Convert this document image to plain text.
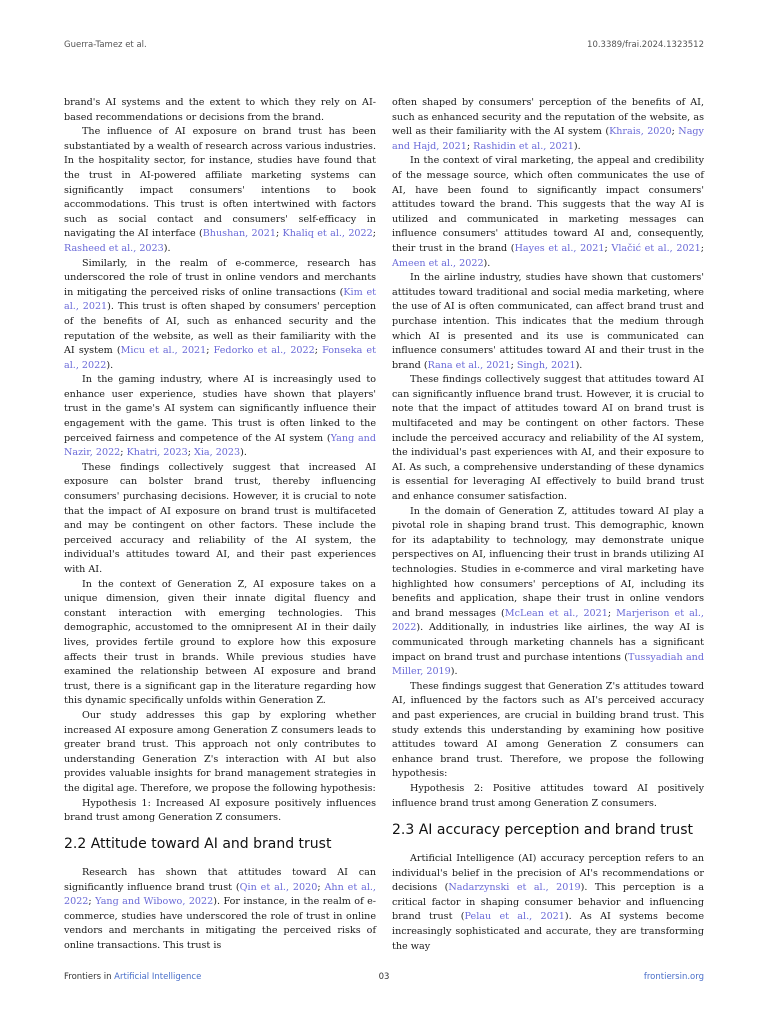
Guerra-Tamez et al.	10.3389/frai.2024.1323512

brand's AI systems and the extent to which they rely on AI-based recommendations or decisions from the brand.

The influence of AI exposure on brand trust has been substantiated by a wealth of research across various industries. In the hospitality sector, for instance, studies have found that the trust in AI-powered affiliate marketing systems can significantly impact consumers' intentions to book accommodations. This trust is often intertwined with factors such as social contact and consumers' self-efficacy in navigating the AI interface (Bhushan, 2021; Khaliq et al., 2022; Rasheed et al., 2023).

Similarly, in the realm of e-commerce, research has underscored the role of trust in online vendors and merchants in mitigating the perceived risks of online transactions (Kim et al., 2021). This trust is often shaped by consumers' perception of the benefits of AI, such as enhanced security and the reputation of the website, as well as their familiarity with the AI system (Micu et al., 2021; Fedorko et al., 2022; Fonseka et al., 2022).

In the gaming industry, where AI is increasingly used to enhance user experience, studies have shown that players' trust in the game's AI system can significantly influence their engagement with the game. This trust is often linked to the perceived fairness and competence of the AI system (Yang and Nazir, 2022; Khatri, 2023; Xia, 2023).

These findings collectively suggest that increased AI exposure can bolster brand trust, thereby influencing consumers' purchasing decisions. However, it is crucial to note that the impact of AI exposure on brand trust is multifaceted and may be contingent on other factors. These include the perceived accuracy and reliability of the AI system, the individual's attitudes toward AI, and their past experiences with AI.

In the context of Generation Z, AI exposure takes on a unique dimension, given their innate digital fluency and constant interaction with emerging technologies. This demographic, accustomed to the omnipresent AI in their daily lives, provides fertile ground to explore how this exposure affects their trust in brands. While previous studies have examined the relationship between AI exposure and brand trust, there is a significant gap in the literature regarding how this dynamic specifically unfolds within Generation Z.

Our study addresses this gap by exploring whether increased AI exposure among Generation Z consumers leads to greater brand trust. This approach not only contributes to understanding Generation Z's interaction with AI but also provides valuable insights for brand management strategies in the digital age. Therefore, we propose the following hypothesis:

Hypothesis 1: Increased AI exposure positively influences brand trust among Generation Z consumers.

2.2 Attitude toward AI and brand trust

Research has shown that attitudes toward AI can significantly influence brand trust (Qin et al., 2020; Ahn et al., 2022; Yang and Wibowo, 2022). For instance, in the realm of e-commerce, studies have underscored the role of trust in online vendors and merchants in mitigating the perceived risks of online transactions. This trust is

often shaped by consumers' perception of the benefits of AI, such as enhanced security and the reputation of the website, as well as their familiarity with the AI system (Khrais, 2020; Nagy and Hajd, 2021; Rashidin et al., 2021).

In the context of viral marketing, the appeal and credibility of the message source, which often communicates the use of AI, have been found to significantly impact consumers' attitudes toward the brand. This suggests that the way AI is utilized and communicated in marketing messages can influence consumers' attitudes toward AI and, consequently, their trust in the brand (Hayes et al., 2021; Vlačić et al., 2021; Ameen et al., 2022).

In the airline industry, studies have shown that customers' attitudes toward traditional and social media marketing, where the use of AI is often communicated, can affect brand trust and purchase intention. This indicates that the medium through which AI is presented and its use is communicated can influence consumers' attitudes toward AI and their trust in the brand (Rana et al., 2021; Singh, 2021).

These findings collectively suggest that attitudes toward AI can significantly influence brand trust. However, it is crucial to note that the impact of attitudes toward AI on brand trust is multifaceted and may be contingent on other factors. These include the perceived accuracy and reliability of the AI system, the individual's past experiences with AI, and their exposure to AI. As such, a comprehensive understanding of these dynamics is essential for leveraging AI effectively to build brand trust and enhance consumer satisfaction.

In the domain of Generation Z, attitudes toward AI play a pivotal role in shaping brand trust. This demographic, known for its adaptability to technology, may demonstrate unique perspectives on AI, influencing their trust in brands utilizing AI technologies. Studies in e-commerce and viral marketing have highlighted how consumers' perceptions of AI, including its benefits and application, shape their trust in online vendors and brand messages (McLean et al., 2021; Marjerison et al., 2022). Additionally, in industries like airlines, the way AI is communicated through marketing channels has a significant impact on brand trust and purchase intentions (Tussyadiah and Miller, 2019).

These findings suggest that Generation Z's attitudes toward AI, influenced by the factors such as AI's perceived accuracy and past experiences, are crucial in building brand trust. This study extends this understanding by examining how positive attitudes toward AI among Generation Z consumers can enhance brand trust. Therefore, we propose the following hypothesis:

Hypothesis 2: Positive attitudes toward AI positively influence brand trust among Generation Z consumers.

2.3 AI accuracy perception and brand trust

Artificial Intelligence (AI) accuracy perception refers to an individual's belief in the precision of AI's recommendations or decisions (Nadarzynski et al., 2019). This perception is a critical factor in shaping consumer behavior and influencing brand trust (Pelau et al., 2021). As AI systems become increasingly sophisticated and accurate, they are transforming the way

Frontiers in Artificial Intelligence	03	frontiersin.org
